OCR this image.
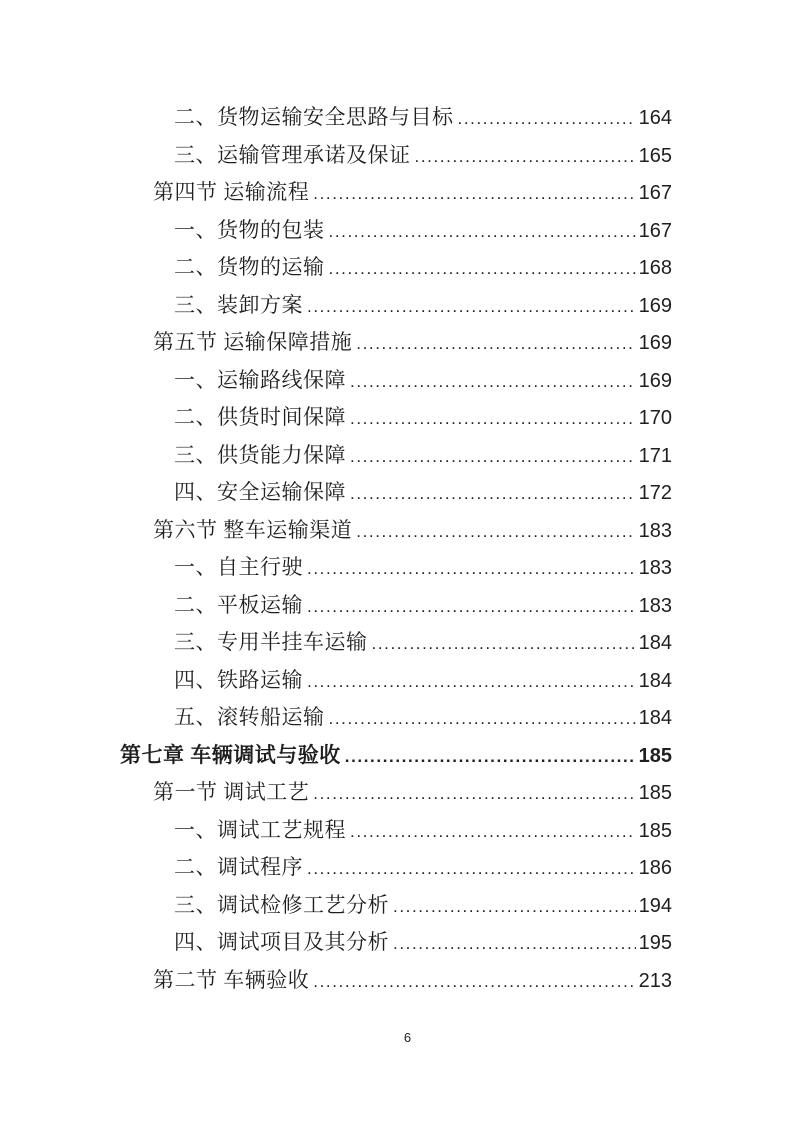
二、货物运输安全思路与目标 .....	164
三、运输管理承诺及保证 .....	165
第四节 运输流程 .....	167
一、货物的包装 .....	167
二、货物的运输 .....	168
三、装卸方案 .....	169
第五节 运输保障措施 .....	169
一、运输路线保障 .....	169
二、供货时间保障 .....	170
三、供货能力保障 .....	171
四、安全运输保障 .....	172
第六节 整车运输渠道 .....	183
一、自主行驶 .....	183
二、平板运输 .....	183
三、专用半挂车运输 .....	184
四、铁路运输 .....	184
五、滚转船运输 .....	184
第七章 车辆调试与验收 .....	185
第一节 调试工艺 .....	185
一、调试工艺规程 .....	185
二、调试程序 .....	186
三、调试检修工艺分析 .....	194
四、调试项目及其分析 .....	195
第二节 车辆验收 .....	213
6
